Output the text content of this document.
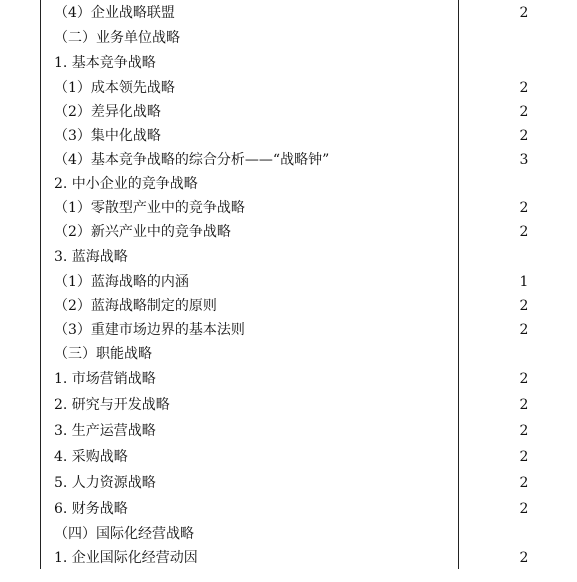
（4）企业战略联盟	2
（二）业务单位战略	
1. 基本竞争战略	
（1）成本领先战略	2
（2）差异化战略	2
（3）集中化战略	2
（4）基本竞争战略的综合分析——“战略钟”	3
2. 中小企业的竞争战略	
（1）零散型产业中的竞争战略	2
（2）新兴产业中的竞争战略	2
3. 蓝海战略	
（1）蓝海战略的内涵	1
（2）蓝海战略制定的原则	2
（3）重建市场边界的基本法则	2
（三）职能战略	
1. 市场营销战略	2
2. 研究与开发战略	2
3. 生产运营战略	2
4. 采购战略	2
5. 人力资源战略	2
6. 财务战略	2
（四）国际化经营战略	
1. 企业国际化经营动因	2
